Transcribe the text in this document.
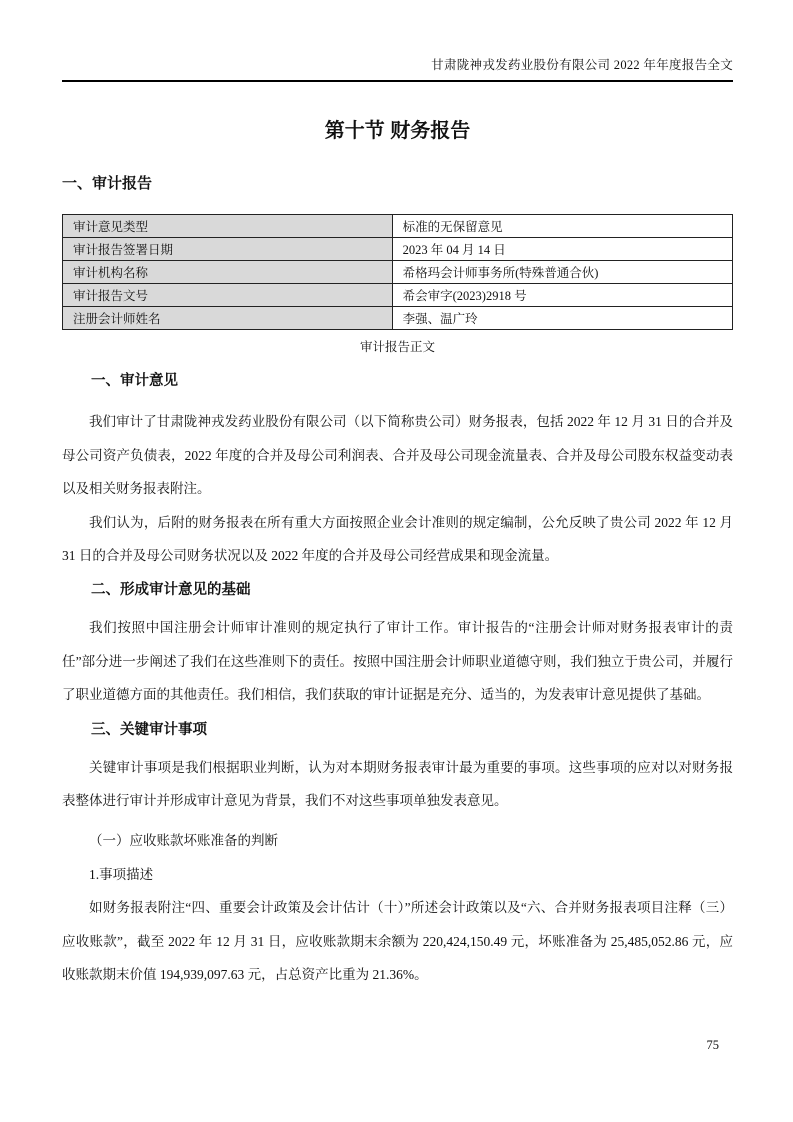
甘肃陇神戎发药业股份有限公司 2022 年年度报告全文
第十节 财务报告
一、审计报告
审计意见类型	标准的无保留意见
审计报告签署日期	2023 年 04 月 14 日
审计机构名称	希格玛会计师事务所(特殊普通合伙)
审计报告文号	希会审字(2023)2918 号
注册会计师姓名	李强、温广玲
审计报告正文
一、审计意见

我们审计了甘肃陇神戎发药业股份有限公司（以下简称贵公司）财务报表，包括 2022 年 12 月 31 日的合并及母公司资产负债表，2022 年度的合并及母公司利润表、合并及母公司现金流量表、合并及母公司股东权益变动表以及相关财务报表附注。

我们认为，后附的财务报表在所有重大方面按照企业会计准则的规定编制，公允反映了贵公司 2022 年 12 月 31 日的合并及母公司财务状况以及 2022 年度的合并及母公司经营成果和现金流量。

二、形成审计意见的基础

我们按照中国注册会计师审计准则的规定执行了审计工作。审计报告的“注册会计师对财务报表审计的责任”部分进一步阐述了我们在这些准则下的责任。按照中国注册会计师职业道德守则，我们独立于贵公司，并履行了职业道德方面的其他责任。我们相信，我们获取的审计证据是充分、适当的，为发表审计意见提供了基础。

三、关键审计事项

关键审计事项是我们根据职业判断，认为对本期财务报表审计最为重要的事项。这些事项的应对以对财务报表整体进行审计并形成审计意见为背景，我们不对这些事项单独发表意见。

（一）应收账款坏账准备的判断
1.事项描述

如财务报表附注“四、重要会计政策及会计估计（十）”所述会计政策以及“六、合并财务报表项目注释（三）应收账款”，截至 2022 年 12 月 31 日，应收账款期末余额为 220,424,150.49 元，坏账准备为 25,485,052.86 元，应收账款期末价值 194,939,097.63 元，占总资产比重为 21.36%。

75
